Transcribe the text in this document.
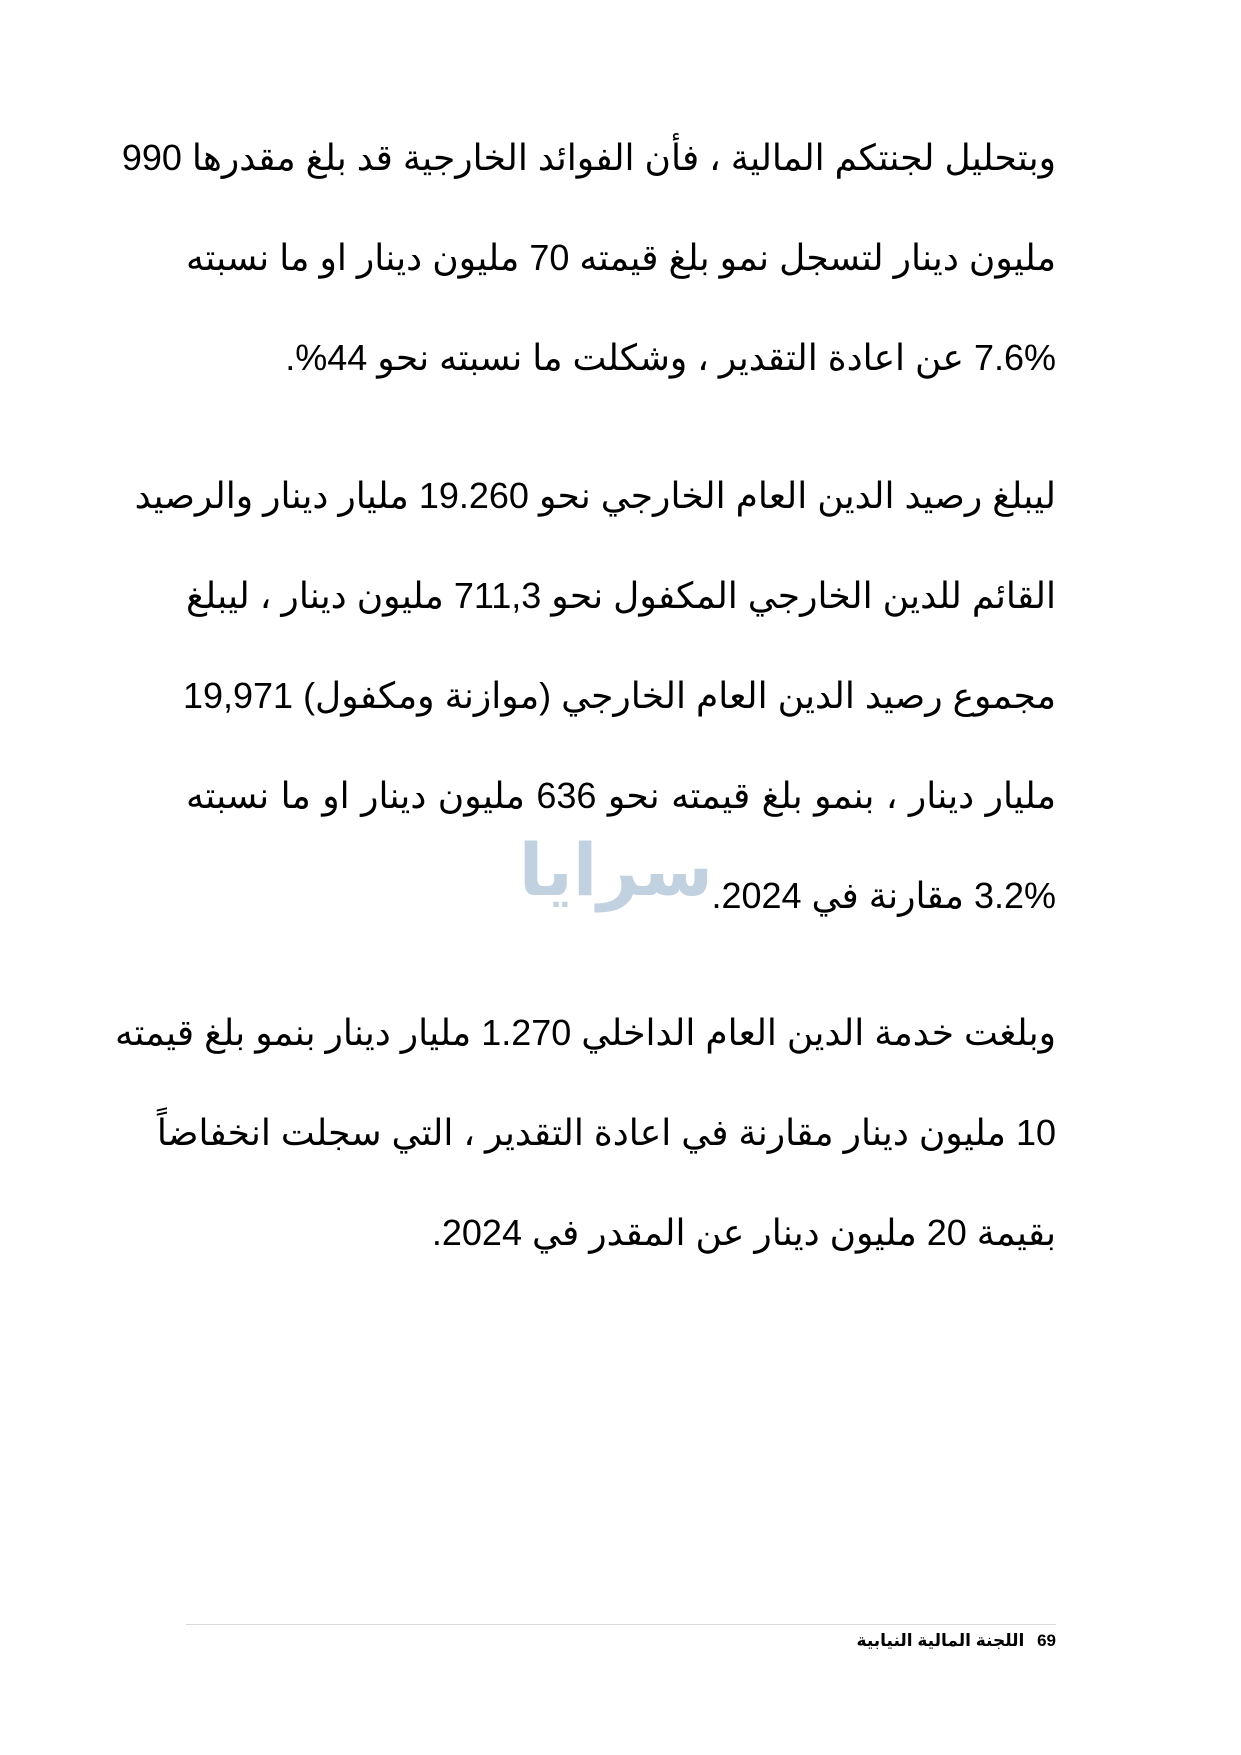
وبتحليل لجنتكم المالية ، فأن الفوائد الخارجية قد بلغ مقدرها 990
مليون دينار لتسجل نمو بلغ قيمته 70 مليون دينار او ما نسبته
7.6% عن اعادة التقدير ، وشكلت ما نسبته نحو 44%.
ليبلغ رصيد الدين العام الخارجي نحو 19.260 مليار دينار والرصيد
القائم للدين الخارجي المكفول نحو 711,3 مليون دينار ، ليبلغ
مجموع رصيد الدين العام الخارجي (موازنة ومكفول) 19,971
مليار دينار ، بنمو بلغ قيمته نحو 636 مليون دينار او ما نسبته
3.2% مقارنة في 2024.
سرايا
وبلغت خدمة الدين العام الداخلي 1.270 مليار دينار بنمو بلغ قيمته
10 مليون دينار مقارنة في اعادة التقدير ، التي سجلت انخفاضاً
بقيمة 20 مليون دينار عن المقدر في 2024.
69 اللجنة المالية النيابية
